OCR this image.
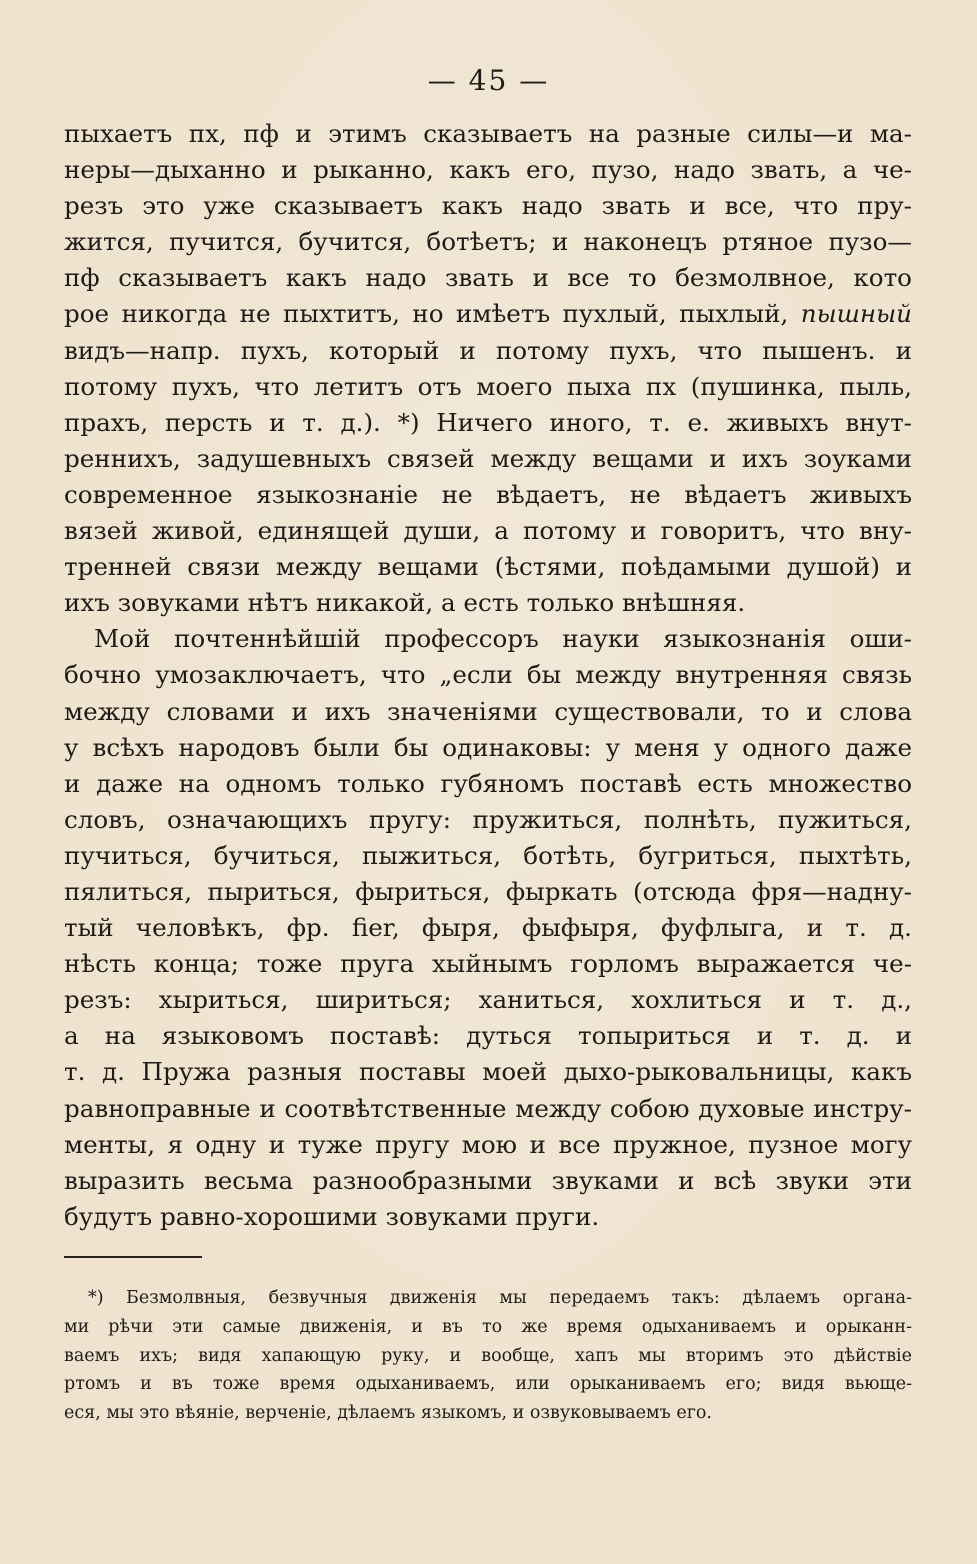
— 45 —

пыхаетъ пх, пф и этимъ сказываетъ на разные силы—и ма-
неры—дыханно и рыканно, какъ его, пузо, надо звать, а че-
резъ это уже сказываетъ какъ надо звать и все, что пру-
жится, пучится, бучится, ботѣетъ; и наконецъ ртяное пузо—
пф сказываетъ какъ надо звать и все то безмолвное, кото
рое никогда не пыхтитъ, но имѣетъ пухлый, пыхлый, пышный
видъ—напр. пухъ, который и потому пухъ, что пышенъ. и
потому пухъ, что летитъ отъ моего пыха пх (пушинка, пыль,
прахъ, персть и т. д.). *) Ничего иного, т. е. живыхъ внут-
реннихъ, задушевныхъ связей между вещами и ихъ зоуками
современное языкознаніе не вѣдаетъ, не вѣдаетъ живыхъ
вязей живой, единящей души, а потому и говоритъ, что вну-
тренней связи между вещами (ѣстями, поѣдамыми душой) и
ихъ зовуками нѣтъ никакой, а есть только внѣшняя.

Мой почтеннѣйшій профессоръ науки языкознанія оши-
бочно умозаключаетъ, что „если бы между внутренняя связь
между словами и ихъ значеніями существовали, то и слова
у всѣхъ народовъ были бы одинаковы: у меня у одного даже
и даже на одномъ только губяномъ поставѣ есть множество
словъ, означающихъ пругу: пружиться, полнѣть, пужиться,
пучиться, бучиться, пыжиться, ботѣть, бугриться, пыхтѣть,
пялиться, пыриться, фыриться, фыркать (отсюда фря—надну-
тый человѣкъ, фр. fier, фыря, фыфыря, фуфлыга, и т. д.
нѣсть конца; тоже пруга хыйнымъ горломъ выражается че-
резъ: хыриться, шириться; ханиться, хохлиться и т. д.,
а на языковомъ поставѣ: дуться топыриться и т. д. и
т. д. Пружа разныя поставы моей дыхо-рыковальницы, какъ
равноправные и соотвѣтственные между собою духовые инстру-
менты, я одну и туже пругу мою и все пружное, пузное могу
выразить весьма разнообразными звуками и всѣ звуки эти
будутъ равно-хорошими зовуками пруги.

*) Безмолвныя, безвучныя движенія мы передаемъ такъ: дѣлаемъ органа-
ми рѣчи эти самые движенія, и въ то же время одыханиваемъ и орыканн-
ваемъ ихъ; видя хапающую руку, и вообще, хапъ мы вторимъ это дѣйствіе
ртомъ и въ тоже время одыханиваемъ, или орыканиваемъ его; видя вьюще-
еся, мы это вѣяніе, верченіе, дѣлаемъ языкомъ, и озвуковываемъ его.
